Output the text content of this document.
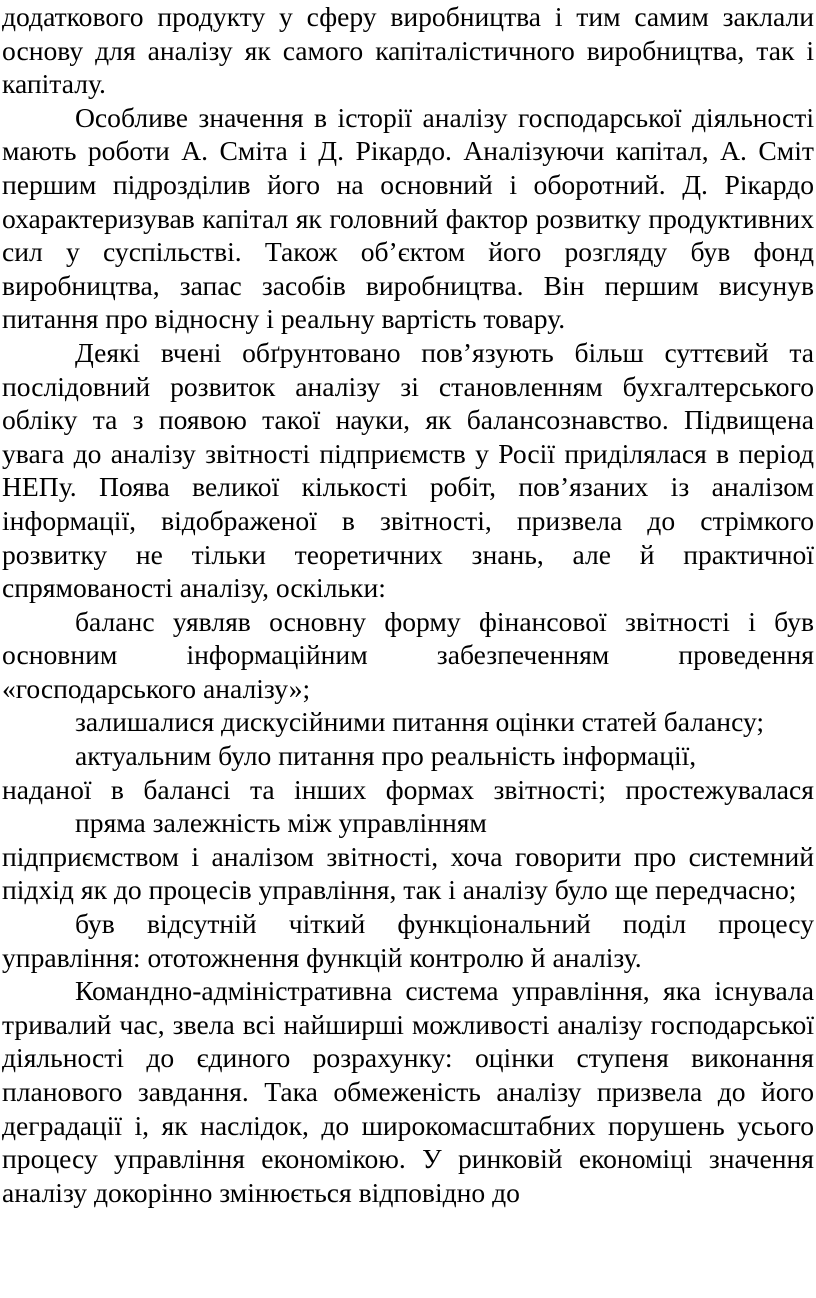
додаткового продукту у сферу виробництва і тим самим заклали основу для аналізу як самого капіталістичного виробництва, так і капіталу.

Особливе значення в історії аналізу господарської діяльності мають роботи А. Сміта і Д. Рікардо. Аналізуючи капітал, А. Сміт першим підрозділив його на основний і оборотний. Д. Рікардо охарактеризував капітал як головний фактор розвитку продуктивних сил у суспільстві. Також об’єктом його розгляду був фонд виробництва, запас засобів виробництва. Він першим висунув питання про відносну і реальну вартість товару.

Деякі вчені обґрунтовано пов’язують більш суттєвий та послідовний розвиток аналізу зі становленням бухгалтерського обліку та з появою такої науки, як балансознавство. Підвищена увага до аналізу звітності підприємств у Росії приділялася в період НЕПу. Поява великої кількості робіт, пов’язаних із аналізом інформації, відображеної в звітності, призвела до стрімкого розвитку не тільки теоретичних знань, але й практичної спрямованості аналізу, оскільки:

баланс уявляв основну форму фінансової звітності і був основним інформаційним забезпеченням проведення «господарського аналізу»;

залишалися дискусійними питання оцінки статей балансу;

актуальним було питання про реальність інформації,

наданої в балансі та інших формах звітності; простежувалася

пряма залежність між управлінням

підприємством і аналізом звітності, хоча говорити про системний підхід як до процесів управління, так і аналізу було ще передчасно;

був відсутній чіткий функціональний поділ процесу управління: ототожнення функцій контролю й аналізу.

Командно-адміністративна система управління, яка існувала тривалий час, звела всі найширші можливості аналізу господарської діяльності до єдиного розрахунку: оцінки ступеня виконання планового завдання. Така обмеженість аналізу призвела до його деградації і, як наслідок, до широкомасштабних порушень усього процесу управління економікою. У ринковій економіці значення аналізу докорінно змінюється відповідно до
